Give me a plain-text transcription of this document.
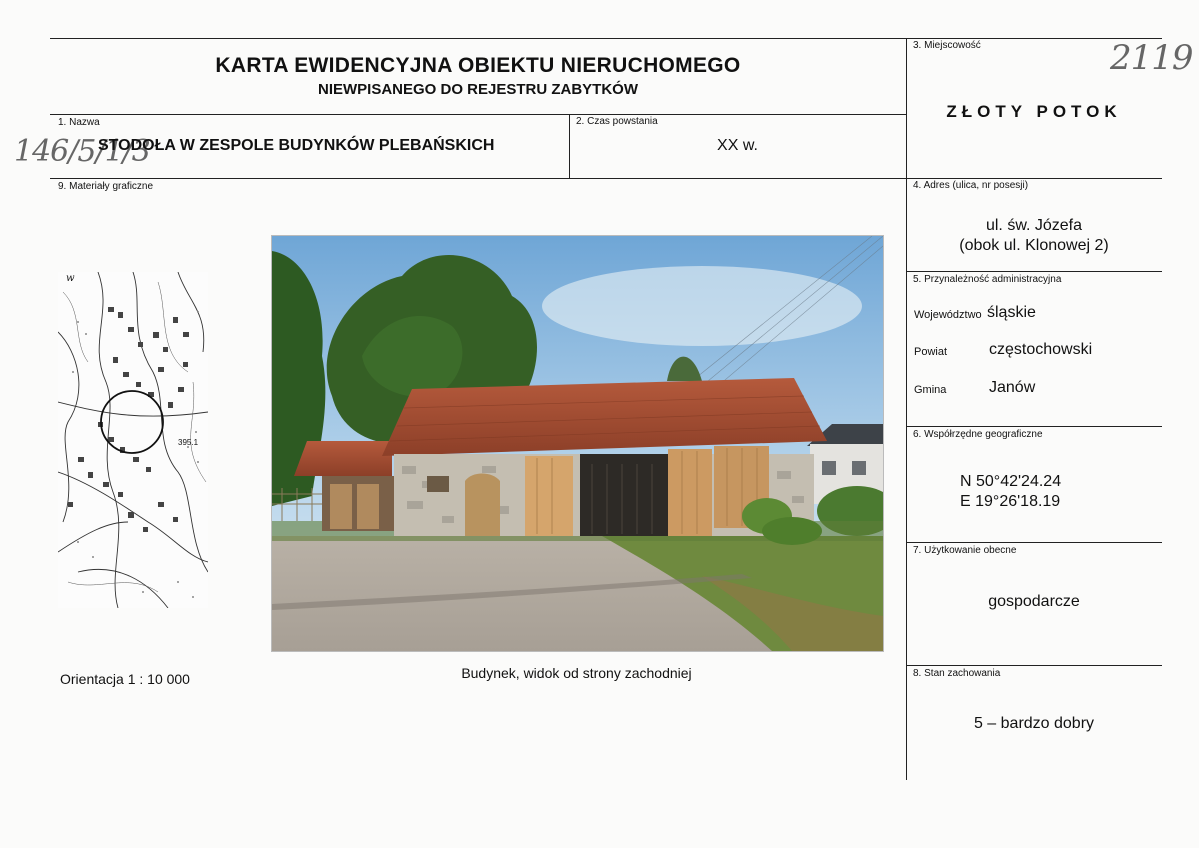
KARTA EWIDENCYJNA OBIEKTU NIERUCHOMEGO
NIEWPISANEGO DO REJESTRU ZABYTKÓW
3. Miejscowość	2119
ZŁOTY POTOK
1. Nazwa
146/5/1/3
STODOŁA W ZESPOLE BUDYNKÓW PLEBAŃSKICH
2. Czas powstania
XX w.
9. Materiały graficzne
w
395.1
Orientacja 1 : 10 000	Budynek, widok od strony zachodniej
4. Adres (ulica, nr posesji)
ul. św. Józefa
(obok ul. Klonowej 2)
5. Przynależność administracyjna
Województwo śląskie
Powiat	częstochowski
Gmina	Janów
6. Współrzędne geograficzne
N 50°42'24.24
E 19°26'18.19
7. Użytkowanie obecne
gospodarcze
8. Stan zachowania
5 – bardzo dobry
